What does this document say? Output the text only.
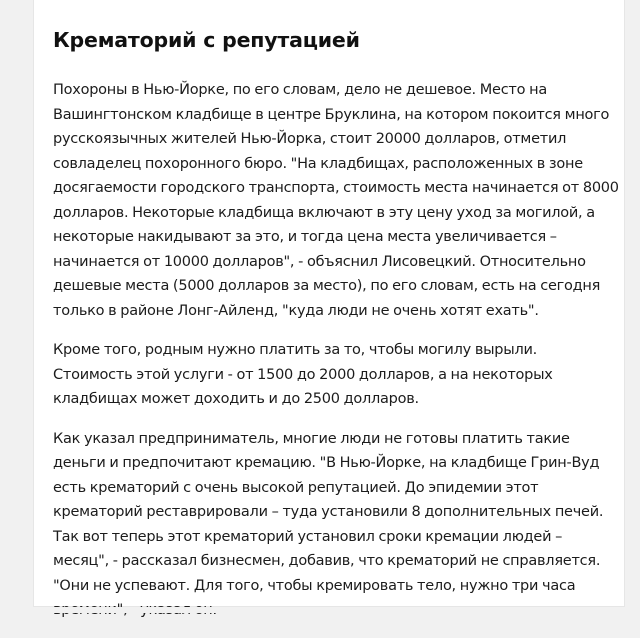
Крематорий с репутацией

Похороны в Нью-Йорке, по его словам, дело не дешевое. Место на Вашингтонском кладбище в центре Бруклина, на котором покоится много русскоязычных жителей Нью-Йорка, стоит 20000 долларов, отметил совладелец похоронного бюро. "На кладбищах, расположенных в зоне досягаемости городского транспорта, стоимость места начинается от 8000 долларов. Некоторые кладбища включают в эту цену уход за могилой, а некоторые накидывают за это, и тогда цена места увеличивается – начинается от 10000 долларов", - объяснил Лисовецкий. Относительно дешевые места (5000 долларов за место), по его словам, есть на сегодня только в районе Лонг-Айленд, "куда люди не очень хотят ехать".

Кроме того, родным нужно платить за то, чтобы могилу вырыли. Стоимость этой услуги - от 1500 до 2000 долларов, а на некоторых кладбищах может доходить и до 2500 долларов.

Как указал предприниматель, многие люди не готовы платить такие деньги и предпочитают кремацию. "В Нью-Йорке, на кладбище Грин-Вуд есть крематорий с очень высокой репутацией. До эпидемии этот крематорий реставрировали – туда установили 8 дополнительных печей. Так вот теперь этот крематорий установил сроки кремации людей – месяц", - рассказал бизнесмен, добавив, что крематорий не справляется. "Они не успевают. Для того, чтобы кремировать тело, нужно три часа
